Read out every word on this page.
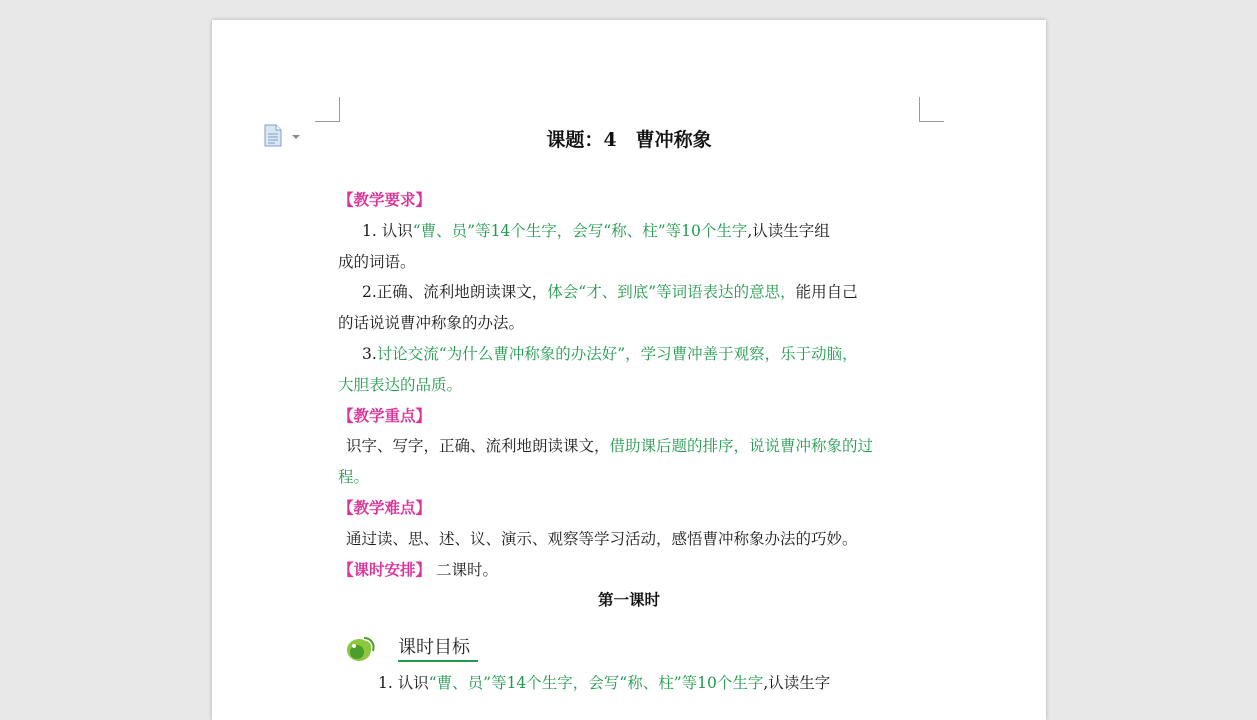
课题：4　曹冲称象
【教学要求】
1. 认识“曹、员”等14个生字，会写“称、柱”等10个生字,认读生字组
成的词语。
2.正确、流利地朗读课文，体会“才、到底”等词语表达的意思，能用自己
的话说说曹冲称象的办法。
3.讨论交流“为什么曹冲称象的办法好”，学习曹冲善于观察，乐于动脑，
大胆表达的品质。
【教学重点】
识字、写字，正确、流利地朗读课文，借助课后题的排序，说说曹冲称象的过
程。
【教学难点】
通过读、思、述、议、演示、观察等学习活动，感悟曹冲称象办法的巧妙。
【课时安排】 二课时。
第一课时
课时目标
1. 认识“曹、员”等14个生字，会写“称、柱”等10个生字,认读生字
